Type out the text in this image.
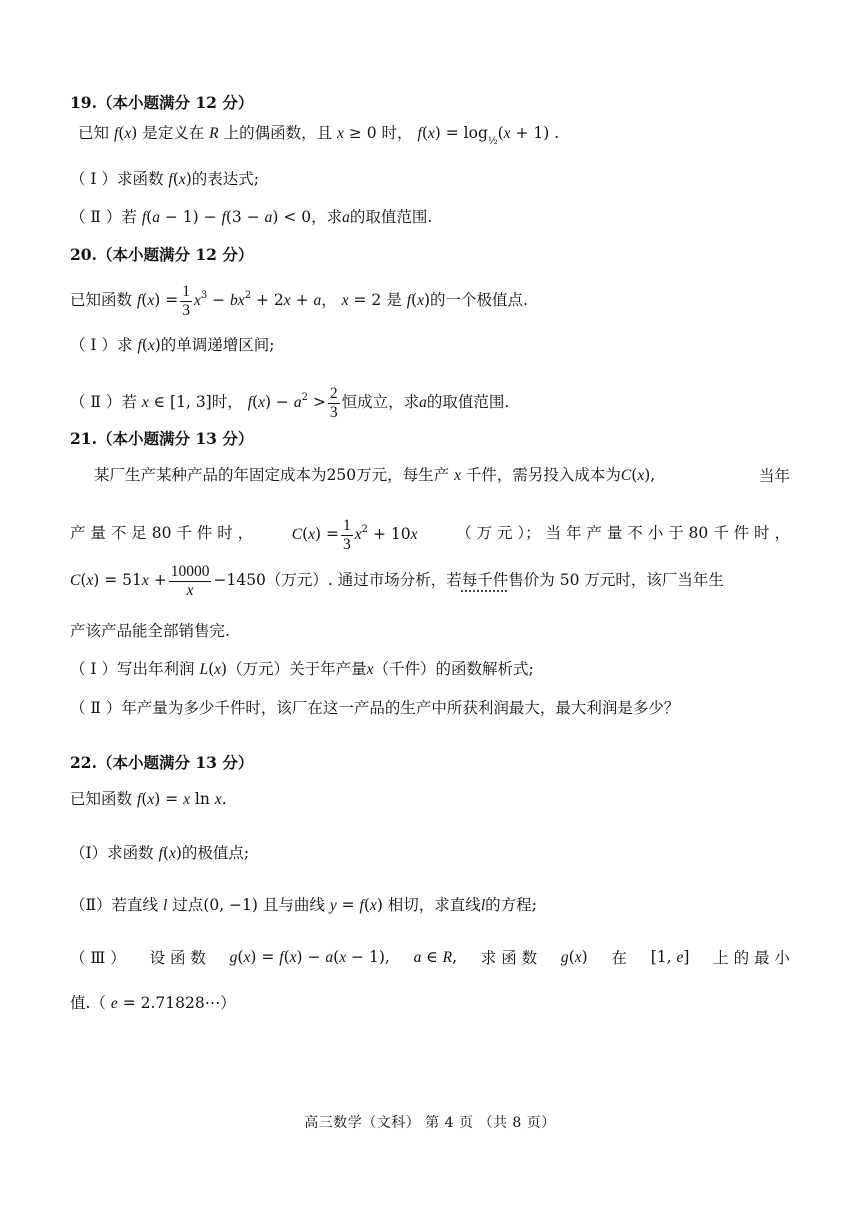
19.（本小题满分 12 分）
已知 f(x) 是定义在 R 上的偶函数，且 x ≥ 0 时， $f(x) = \log_{\frac{1}{2}}(x + 1)$ .
（ Ⅰ ）求函数 f(x)的表达式;
（ Ⅱ ）若 f(a − 1) − f(3 − a) < 0，求a的取值范围.
20.（本小题满分 12 分）
已知函数 $f(x) = \frac{1}{3} x^3 - bx^2 + 2x + a$， x = 2 是 f(x)的一个极值点.
（ Ⅰ ）求 f(x)的单调递增区间;
（ Ⅱ ）若 x ∈ [1, 3]时， $f(x) - a^2 > \frac{2}{3}$ 恒成立，求a的取值范围.
21.（本小题满分 13 分）
某厂生产某种产品的年固定成本为250万元，每生产 x 千件，需另投入成本为C(x),	当年
产 量 不 足 80 千 件 时 ， $C(x) = \frac{1}{3} x^2 + 10x$ （ 万 元 ）； 当 年 产 量 不 小 于 80 千 件 时 ，
$C(x) = 51x + \frac{10000}{x} -1450$（万元）. 通过市场分析，若每千件售价为 50 万元时，该厂当年生
产该产品能全部销售完.
（ Ⅰ ）写出年利润 L(x)（万元）关于年产量x（千件）的函数解析式;
（ Ⅱ ）年产量为多少千件时，该厂在这一产品的生产中所获利润最大，最大利润是多少？
22.（本小题满分 13 分）
已知函数 f(x) = x ln x.
（Ⅰ）求函数 f(x)的极值点;
（Ⅱ）若直线 l 过点(0, −1) 且与曲线 y = f(x) 相切，求直线l的方程;
（ Ⅲ ） 设 函 数 g(x) = f(x) − a(x − 1), a ∈ R, 求 函 数 g(x) 在 [1, e] 上 的 最 小
值.（ e = 2.71828⋯）
高三数学（文科） 第 4 页 （共 8 页）
